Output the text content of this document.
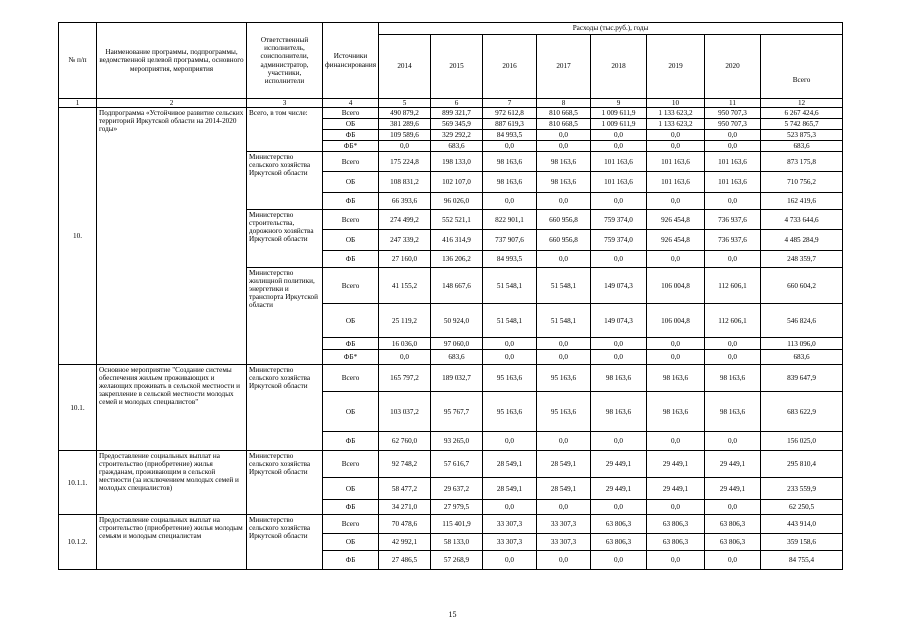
№ п/п	Наименование программы, подпрограммы, ведомственной целевой программы, основного мероприятия, мероприятия	Ответственный исполнитель, соисполнители, администратор, участники, исполнители	Источники финансирования	Расходы (тыс.руб.), годы							
				2014	2015	2016	2017	2018	2019	2020	Всего
1	2	3	4	5	6	7	8	9	10	11	12
10.	Подпрограмма «Устойчивое развитие сельских территорий Иркутской области на 2014-2020 годы»	Всего, в том числе:	Всего	490 879,2	899 321,7	972 612,8	810 668,5	1 009 611,9	1 133 623,2	950 707,3	6 267 424,6
			ОБ	381 289,6	569 345,9	887 619,3	810 668,5	1 009 611,9	1 133 623,2	950 707,3	5 742 865,7
			ФБ	109 589,6	329 292,2	84 993,5	0,0	0,0	0,0	0,0	523 875,3
			ФБ*	0,0	683,6	0,0	0,0	0,0	0,0	0,0	683,6
		Министерство сельского хозяйства Иркутской области	Всего	175 224,8	198 133,0	98 163,6	98 163,6	101 163,6	101 163,6	101 163,6	873 175,8
			ОБ	108 831,2	102 107,0	98 163,6	98 163,6	101 163,6	101 163,6	101 163,6	710 756,2
			ФБ	66 393,6	96 026,0	0,0	0,0	0,0	0,0	0,0	162 419,6
		Министерство строительства, дорожного хозяйства Иркутской области	Всего	274 499,2	552 521,1	822 901,1	660 956,8	759 374,0	926 454,8	736 937,6	4 733 644,6
			ОБ	247 339,2	416 314,9	737 907,6	660 956,8	759 374,0	926 454,8	736 937,6	4 485 284,9
			ФБ	27 160,0	136 206,2	84 993,5	0,0	0,0	0,0	0,0	248 359,7
		Министерство жилищной политики, энергетики и транспорта Иркутской области	Всего	41 155,2	148 667,6	51 548,1	51 548,1	149 074,3	106 004,8	112 606,1	660 604,2
			ОБ	25 119,2	50 924,0	51 548,1	51 548,1	149 074,3	106 004,8	112 606,1	546 824,6
			ФБ	16 036,0	97 060,0	0,0	0,0	0,0	0,0	0,0	113 096,0
			ФБ*	0,0	683,6	0,0	0,0	0,0	0,0	0,0	683,6
10.1.	Основное мероприятие "Создание системы обеспечения жильем проживающих и желающих проживать в сельской местности и закрепление в сельской местности молодых семей и молодых специалистов"	Министерство сельского хозяйства Иркутской области	Всего	165 797,2	189 032,7	95 163,6	95 163,6	98 163,6	98 163,6	98 163,6	839 647,9
			ОБ	103 037,2	95 767,7	95 163,6	95 163,6	98 163,6	98 163,6	98 163,6	683 622,9
			ФБ	62 760,0	93 265,0	0,0	0,0	0,0	0,0	0,0	156 025,0
10.1.1.	Предоставление социальных выплат на строительство (приобретение) жилья гражданам, проживающим в сельской местности (за исключением молодых семей и молодых специалистов)	Министерство сельского хозяйства Иркутской области	Всего	92 748,2	57 616,7	28 549,1	28 549,1	29 449,1	29 449,1	29 449,1	295 810,4
			ОБ	58 477,2	29 637,2	28 549,1	28 549,1	29 449,1	29 449,1	29 449,1	233 559,9
			ФБ	34 271,0	27 979,5	0,0	0,0	0,0	0,0	0,0	62 250,5
10.1.2.	Предоставление социальных выплат на строительство (приобретение) жилья молодым семьям и молодым специалистам	Министерство сельского хозяйства Иркутской области	Всего	70 478,6	115 401,9	33 307,3	33 307,3	63 806,3	63 806,3	63 806,3	443 914,0
			ОБ	42 992,1	58 133,0	33 307,3	33 307,3	63 806,3	63 806,3	63 806,3	359 158,6
			ФБ	27 486,5	57 268,9	0,0	0,0	0,0	0,0	0,0	84 755,4
15
